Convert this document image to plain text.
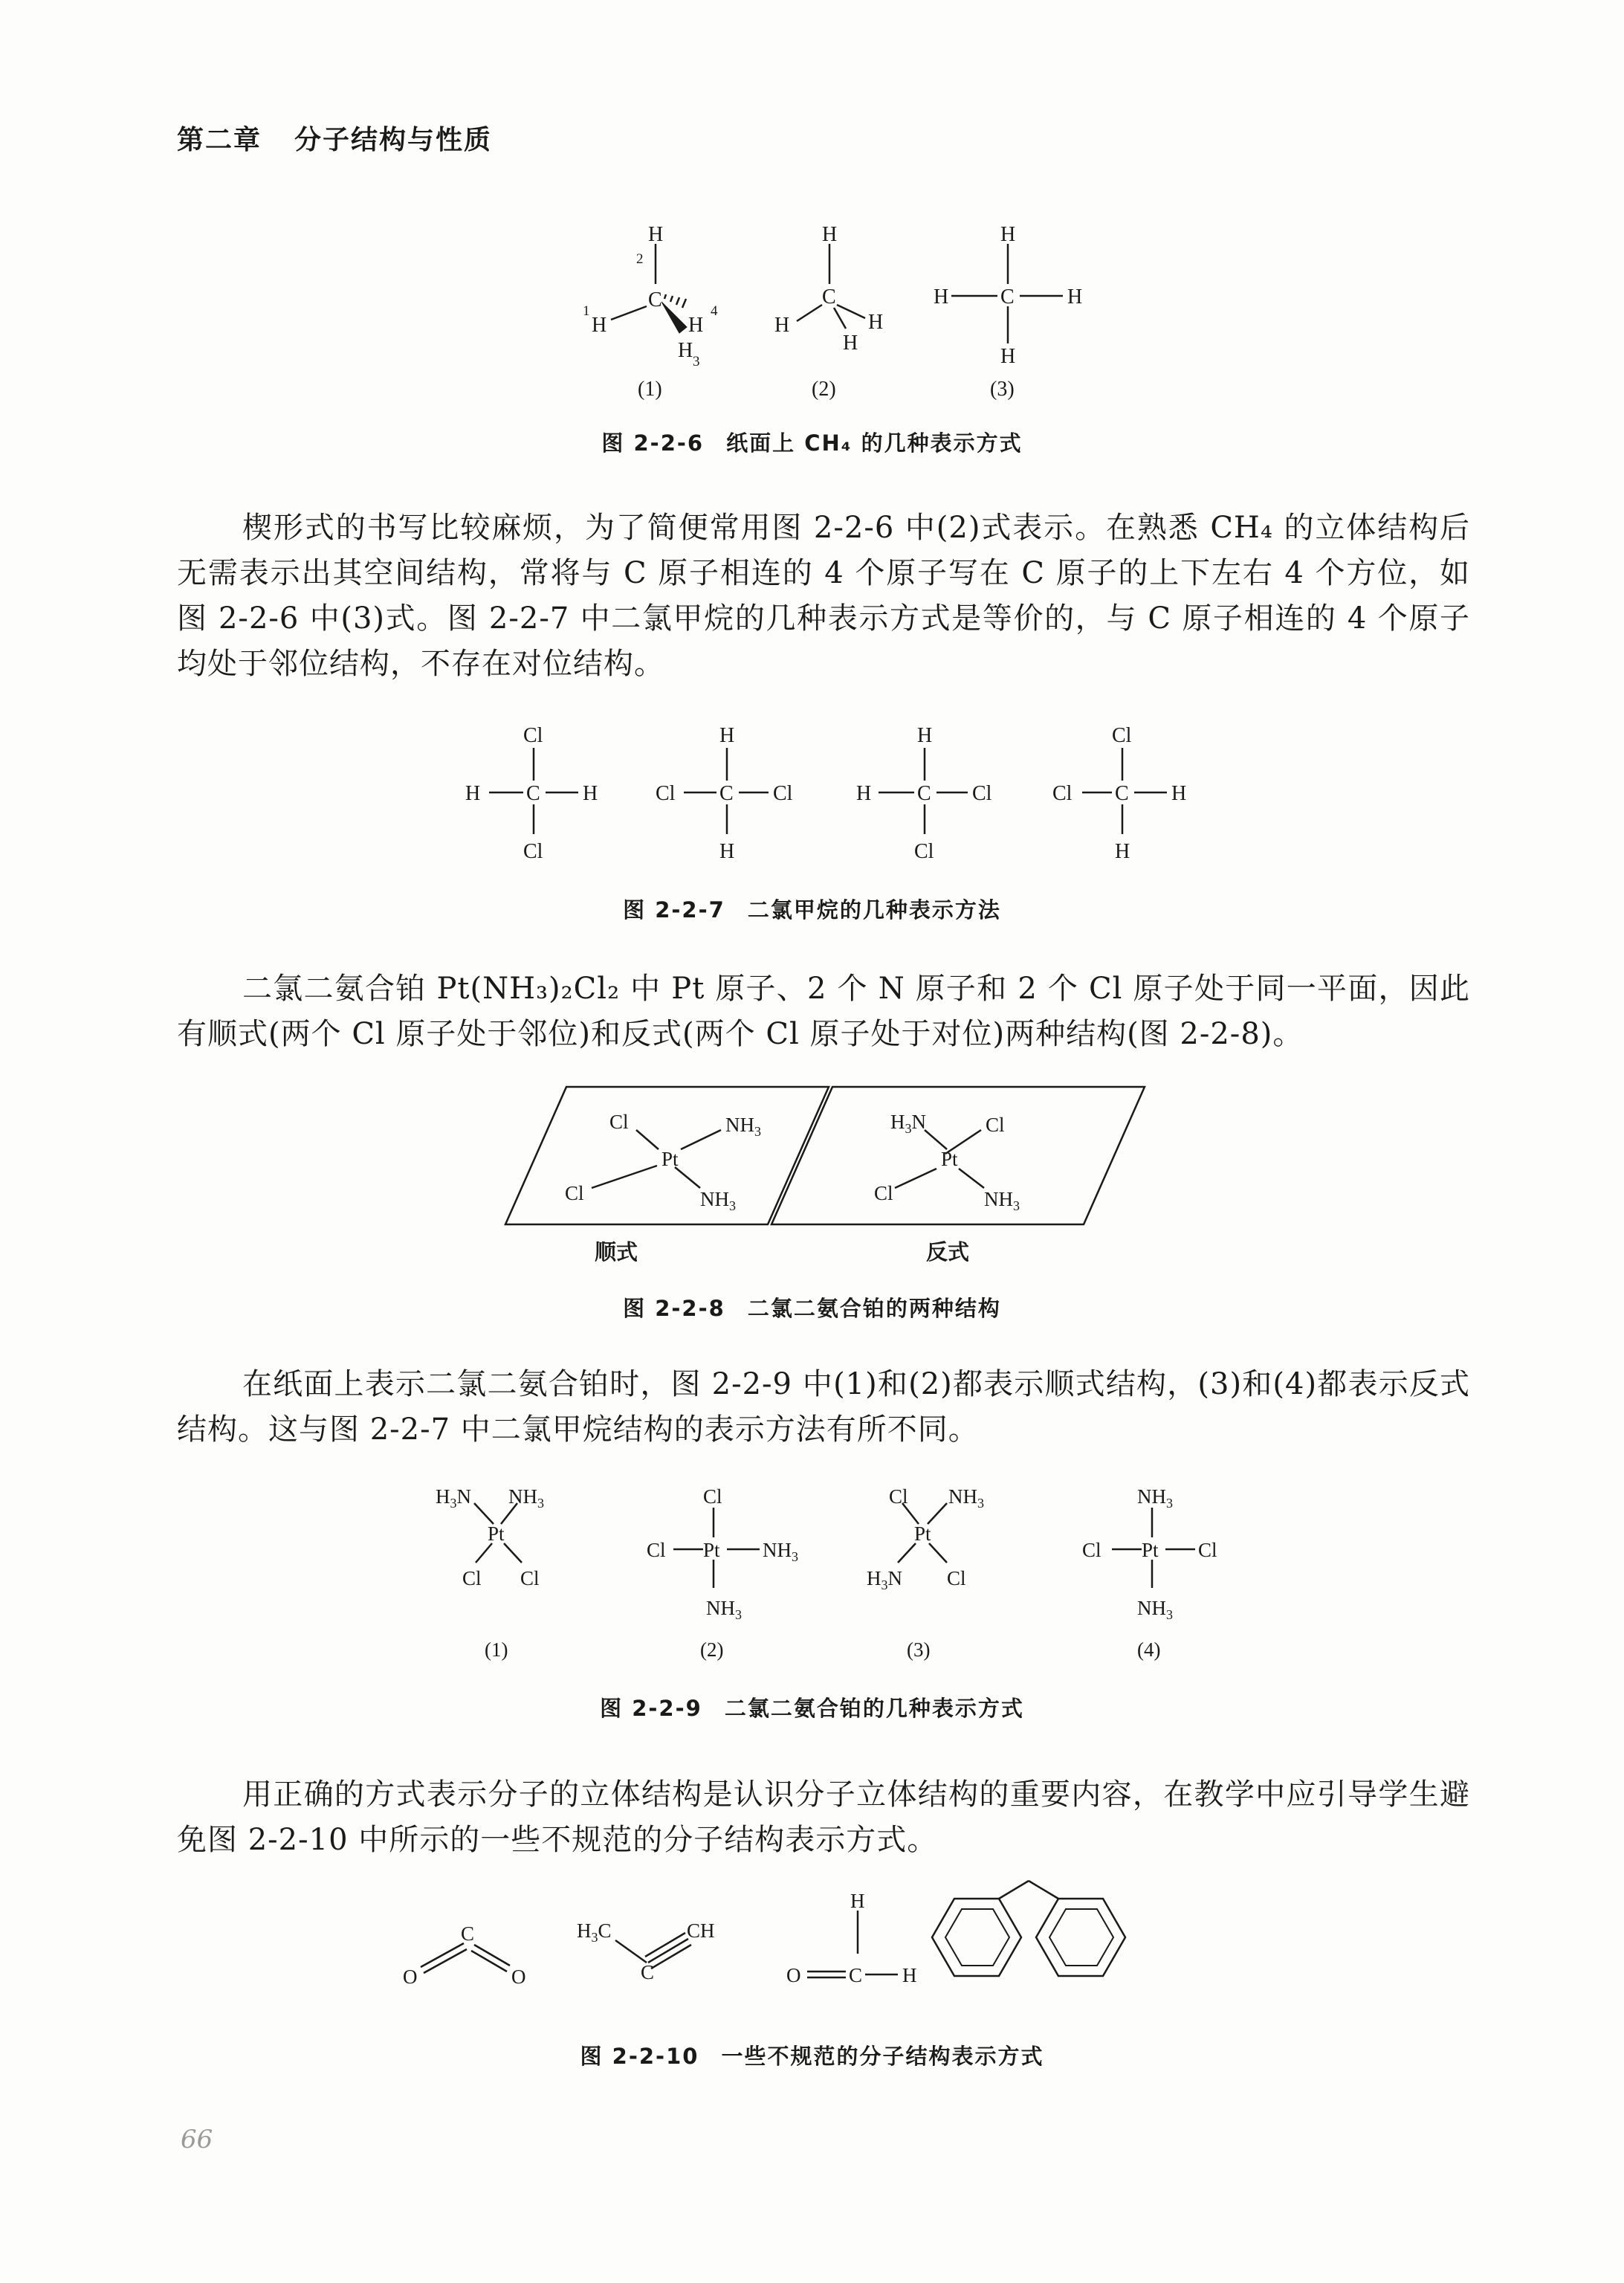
第二章 分子结构与性质
H
2
C
H
1
H
4
H 3
H
C
H	H
H
H
C
H	H
H
(1)	(2)	(3)
图 2-2-6 纸面上 CH₄ 的几种表示方式

楔形式的书写比较麻烦，为了简便常用图 2-2-6 中(2)式表示。在熟悉 CH₄ 的立体结构后无需表示出其空间结构，常将与 C 原子相连的 4 个原子写在 C 原子的上下左右 4 个方位，如图 2-2-6 中(3)式。图 2-2-7 中二氯甲烷的几种表示方式是等价的，与 C 原子相连的 4 个原子均处于邻位结构，不存在对位结构。

Cl
C
H	H
Cl
H
C
Cl	Cl
H
H
C
H	Cl
Cl
Cl
C
Cl	H
H
图 2-2-7 二氯甲烷的几种表示方法

二氯二氨合铂 Pt(NH₃)₂Cl₂ 中 Pt 原子、2 个 N 原子和 2 个 Cl 原子处于同一平面，因此有顺式(两个 Cl 原子处于邻位)和反式(两个 Cl 原子处于对位)两种结构(图 2-2-8)。

Cl
Pt
$NH_3$
Cl	$NH_3$
$H_3N$
Pt
Cl
Cl	$NH_3$
顺式	反式
图 2-2-8 二氯二氨合铂的两种结构

在纸面上表示二氯二氨合铂时，图 2-2-9 中(1)和(2)都表示顺式结构，(3)和(4)都表示反式结构。这与图 2-2-7 中二氯甲烷结构的表示方法有所不同。

$H_3N$ $NH_3$
Pt
Cl Cl
Cl
Pt
Cl	$NH_3$
$NH_3$
Cl $NH_3$
Pt
$H_3N$ Cl
$NH_3$
Pt
Cl	Cl
$NH_3$
(1)	(2)	(3)	(4)
图 2-2-9 二氯二氨合铂的几种表示方式

用正确的方式表示分子的立体结构是认识分子立体结构的重要内容，在教学中应引导学生避免图 2-2-10 中所示的一些不规范的分子结构表示方式。

C
O	O
$H_3C$
C
CH
H
O C H
图 2-2-10 一些不规范的分子结构表示方式
66
